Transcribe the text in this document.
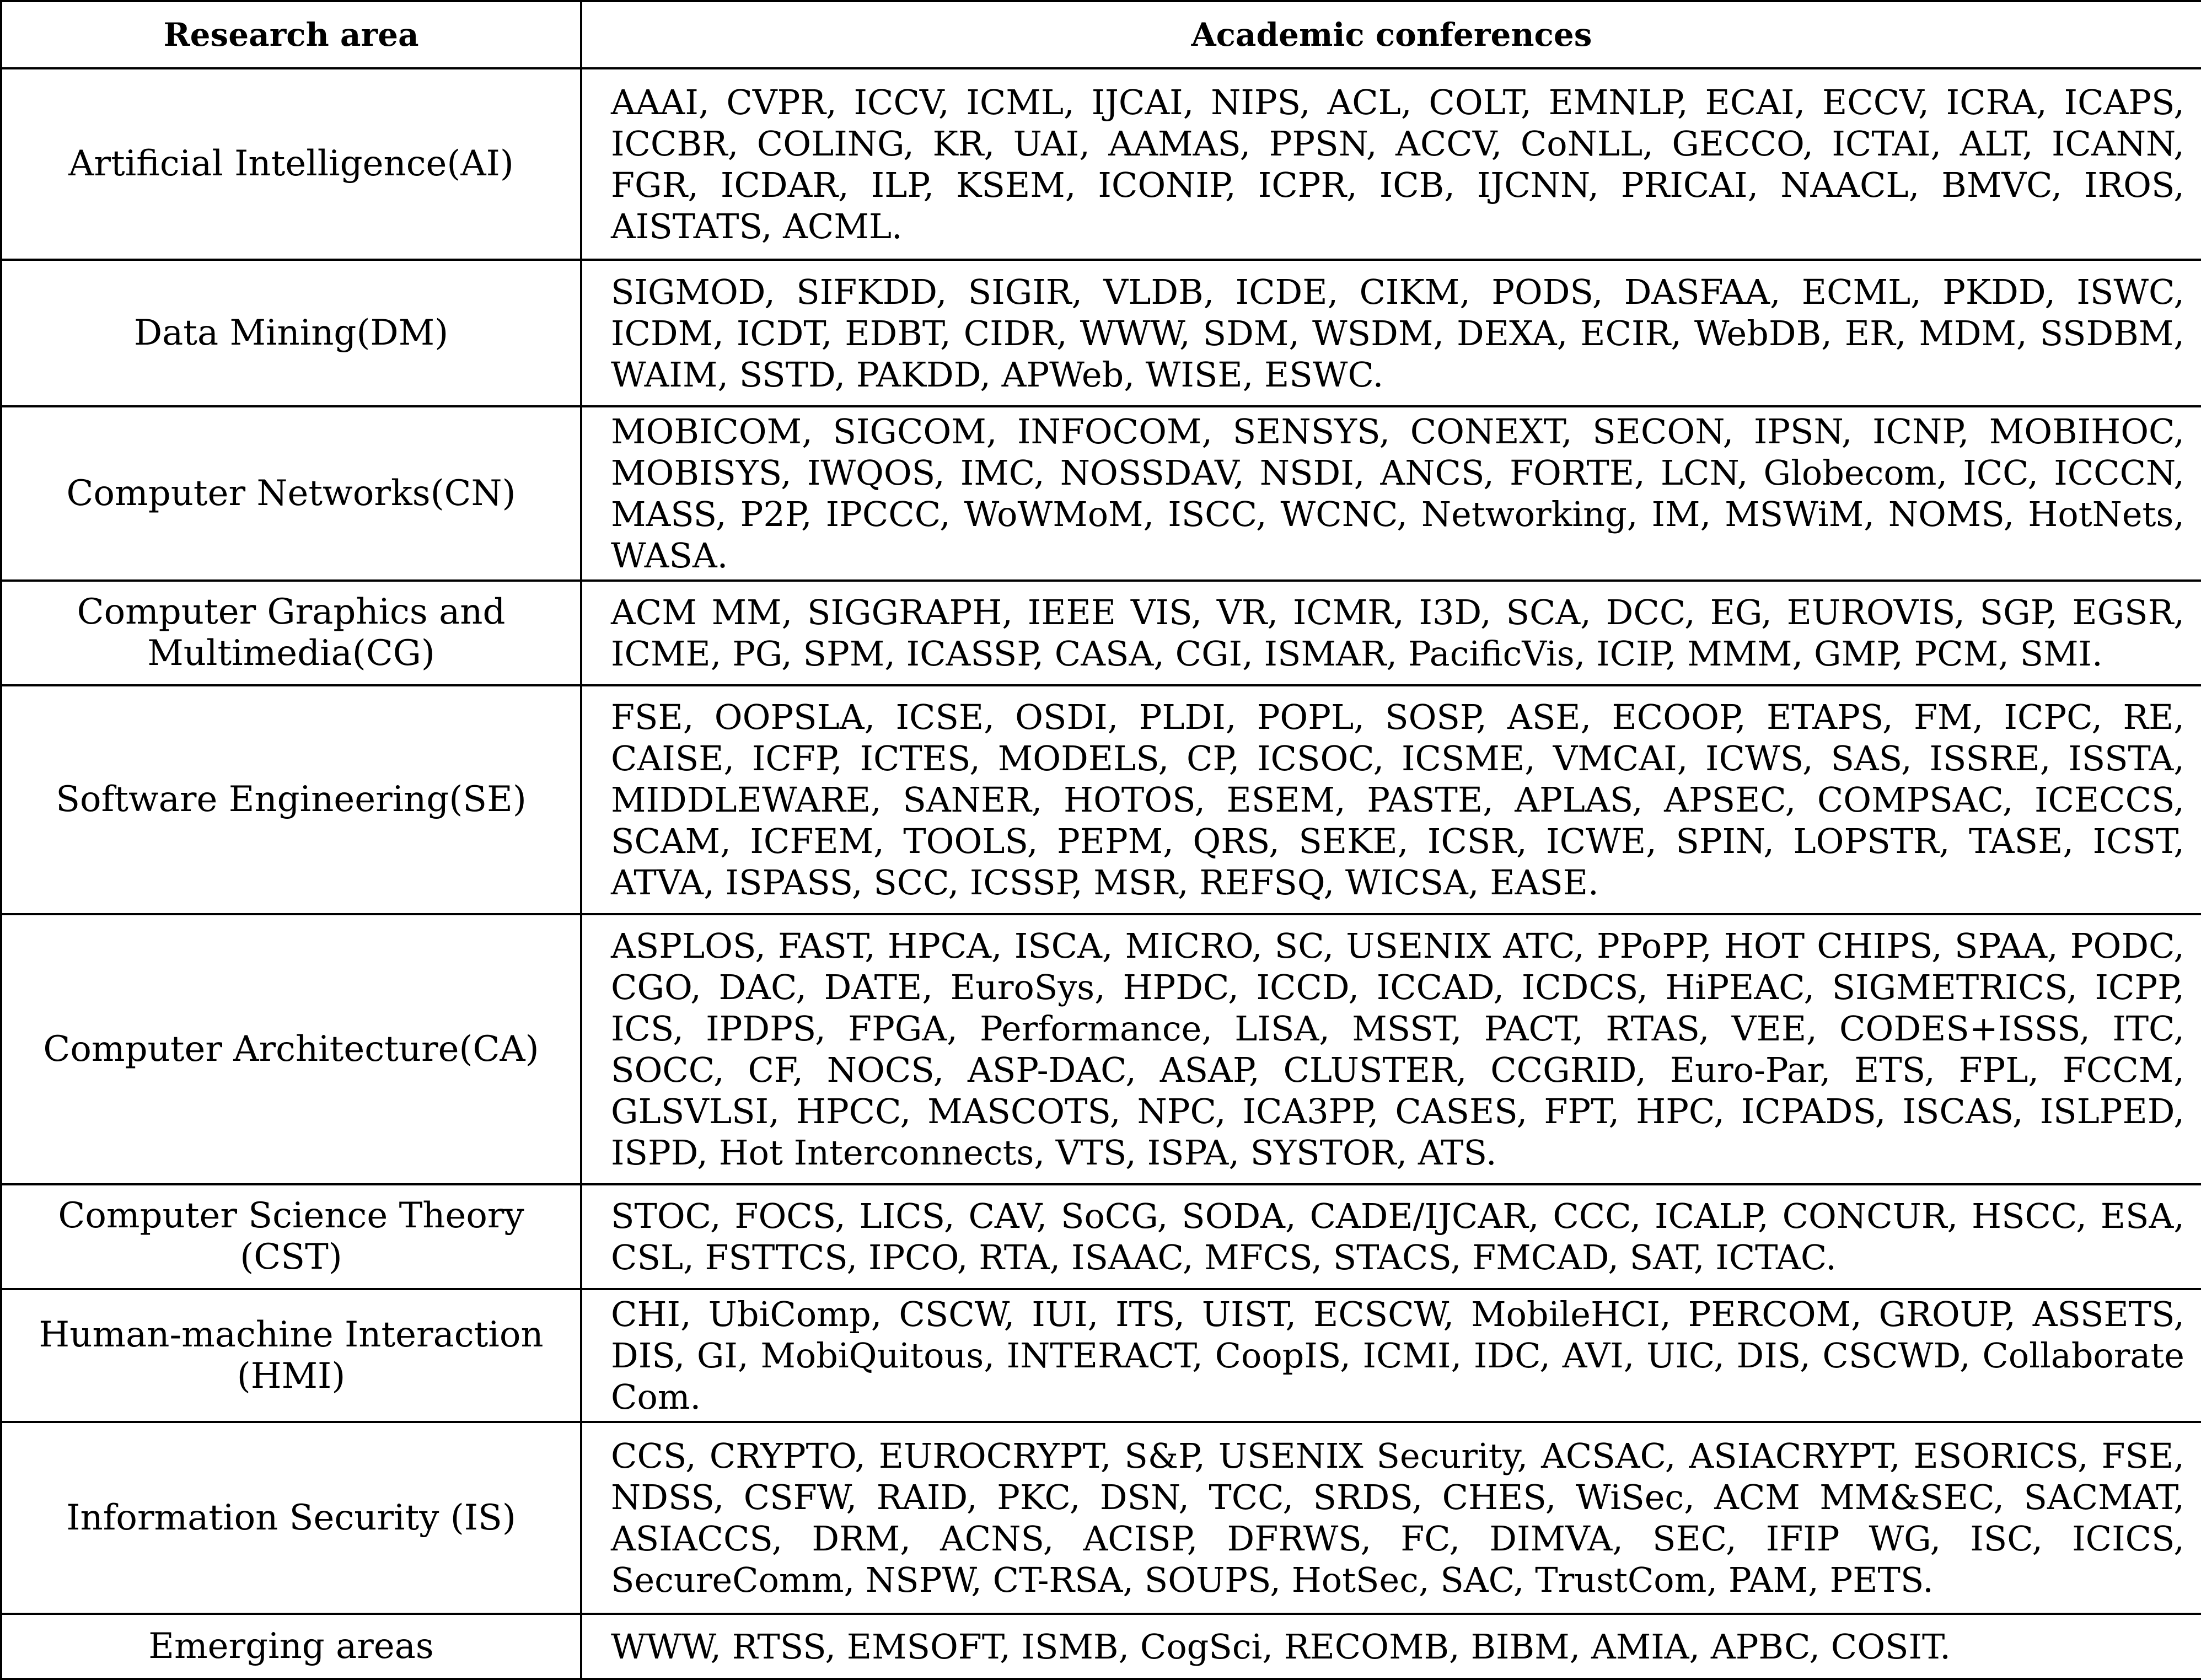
Research area	Academic conferences
Artificial Intelligence(AI)	AAAI, CVPR, ICCV, ICML, IJCAI, NIPS, ACL, COLT, EMNLP, ECAI, ECCV, ICRA, ICAPS, ICCBR, COLING, KR, UAI, AAMAS, PPSN, ACCV, CoNLL, GECCO, ICTAI, ALT, ICANN, FGR, ICDAR, ILP, KSEM, ICONIP, ICPR, ICB, IJCNN, PRICAI, NAACL, BMVC, IROS, AISTATS, ACML.
Data Mining(DM)	SIGMOD, SIFKDD, SIGIR, VLDB, ICDE, CIKM, PODS, DASFAA, ECML, PKDD, ISWC, ICDM, ICDT, EDBT, CIDR, WWW, SDM, WSDM, DEXA, ECIR, WebDB, ER, MDM, SSDBM, WAIM, SSTD, PAKDD, APWeb, WISE, ESWC.
Computer Networks(CN)	MOBICOM, SIGCOM, INFOCOM, SENSYS, CONEXT, SECON, IPSN, ICNP, MOBIHOC, MOBISYS, IWQOS, IMC, NOSSDAV, NSDI, ANCS, FORTE, LCN, Globecom, ICC, ICCCN, MASS, P2P, IPCCC, WoWMoM, ISCC, WCNC, Networking, IM, MSWiM, NOMS, HotNets, WASA.
Computer Graphics and Multimedia(CG)	ACM MM, SIGGRAPH, IEEE VIS, VR, ICMR, I3D, SCA, DCC, EG, EUROVIS, SGP, EGSR, ICME, PG, SPM, ICASSP, CASA, CGI, ISMAR, PacificVis, ICIP, MMM, GMP, PCM, SMI.
Software Engineering(SE)	FSE, OOPSLA, ICSE, OSDI, PLDI, POPL, SOSP, ASE, ECOOP, ETAPS, FM, ICPC, RE, CAISE, ICFP, ICTES, MODELS, CP, ICSOC, ICSME, VMCAI, ICWS, SAS, ISSRE, ISSTA, MIDDLEWARE, SANER, HOTOS, ESEM, PASTE, APLAS, APSEC, COMPSAC, ICECCS, SCAM, ICFEM, TOOLS, PEPM, QRS, SEKE, ICSR, ICWE, SPIN, LOPSTR, TASE, ICST, ATVA, ISPASS, SCC, ICSSP, MSR, REFSQ, WICSA, EASE.
Computer Architecture(CA)	ASPLOS, FAST, HPCA, ISCA, MICRO, SC, USENIX ATC, PPoPP, HOT CHIPS, SPAA, PODC, CGO, DAC, DATE, EuroSys, HPDC, ICCD, ICCAD, ICDCS, HiPEAC, SIGMETRICS, ICPP, ICS, IPDPS, FPGA, Performance, LISA, MSST, PACT, RTAS, VEE, CODES+ISSS, ITC, SOCC, CF, NOCS, ASP-DAC, ASAP, CLUSTER, CCGRID, Euro-Par, ETS, FPL, FCCM, GLSVLSI, HPCC, MASCOTS, NPC, ICA3PP, CASES, FPT, HPC, ICPADS, ISCAS, ISLPED, ISPD, Hot Interconnects, VTS, ISPA, SYSTOR, ATS.
Computer Science Theory (CST)	STOC, FOCS, LICS, CAV, SoCG, SODA, CADE/IJCAR, CCC, ICALP, CONCUR, HSCC, ESA, CSL, FSTTCS, IPCO, RTA, ISAAC, MFCS, STACS, FMCAD, SAT, ICTAC.
Human-machine Interaction (HMI)	CHI, UbiComp, CSCW, IUI, ITS, UIST, ECSCW, MobileHCI, PERCOM, GROUP, ASSETS, DIS, GI, MobiQuitous, INTERACT, CoopIS, ICMI, IDC, AVI, UIC, DIS, CSCWD, Collaborate Com.
Information Security (IS)	CCS, CRYPTO, EUROCRYPT, S&P, USENIX Security, ACSAC, ASIACRYPT, ESORICS, FSE, NDSS, CSFW, RAID, PKC, DSN, TCC, SRDS, CHES, WiSec, ACM MM&SEC, SACMAT, ASIACCS, DRM, ACNS, ACISP, DFRWS, FC, DIMVA, SEC, IFIP WG, ISC, ICICS, SecureComm, NSPW, CT-RSA, SOUPS, HotSec, SAC, TrustCom, PAM, PETS.
Emerging areas	WWW, RTSS, EMSOFT, ISMB, CogSci, RECOMB, BIBM, AMIA, APBC, COSIT.
